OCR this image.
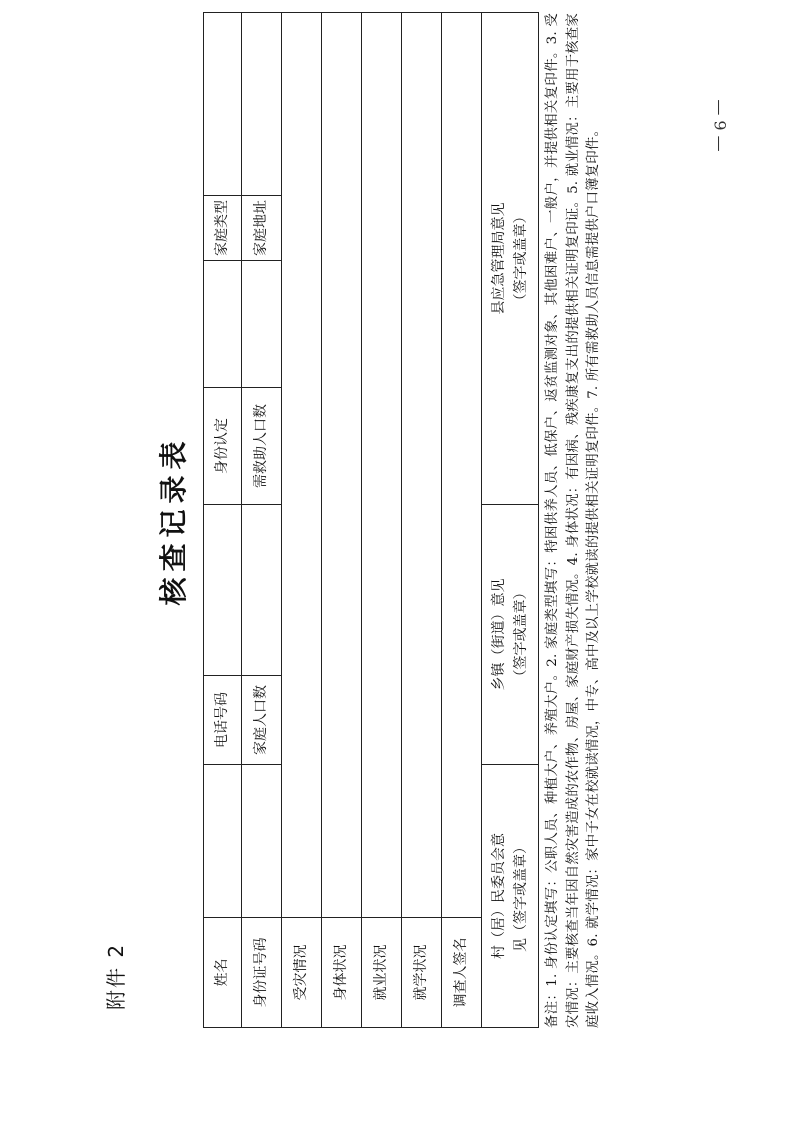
— 9 —
附件 2
核查记录表
姓名		电话号码		身份认定		家庭类型	
身份证号码		家庭人口数		需救助人口数		家庭地址	
受灾情况							
身体状况							
就业状况							
就学状况							
调查人签名							
村（居）民委员会意 见（签字或盖章）		乡镇（街道）意见 （签字或盖章）		县应急管理局意见 （签字或盖章）			备注：1. 身份认定填写：公职人员、种植大户、养殖大户。2. 家庭类型填写：特困供养人员、低保户、返贫监测对象、其他困难户、一般户，并提供相关复印件。3. 受灾情况：主要核查当年因自然灾害造成的农作物、房屋、家庭财产损失情况。4. 身体状况：有因病、残疾康复支出的提供相关证明复印证。5. 就业情况：主要用于核查家庭收入情况。6. 就学情况：家中子女在校就读情况，中专、高中及以上学校就读的提供相关证明复印件。7. 所有需救助人员信息需提供户口簿复印件。
